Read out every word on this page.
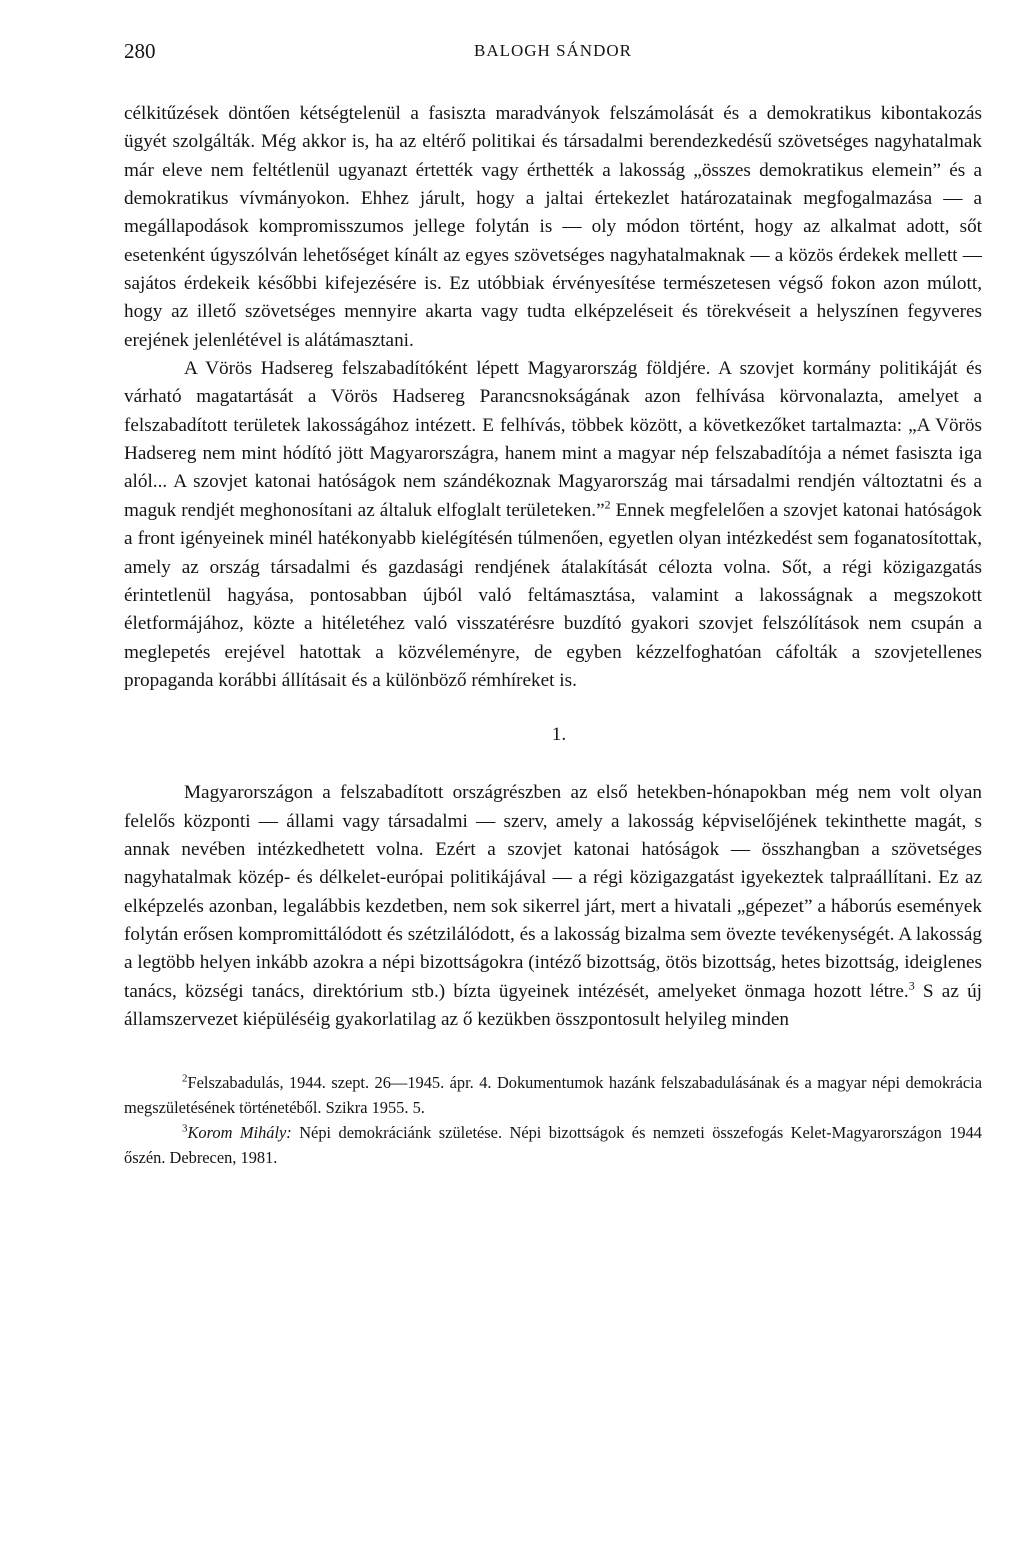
280	BALOGH SÁNDOR

célkitűzések döntően kétségtelenül a fasiszta maradványok felszámolását és a demokratikus kibontakozás ügyét szolgálták. Még akkor is, ha az eltérő politikai és társadalmi berendezkedésű szövetséges nagyhatalmak már eleve nem feltétlenül ugyanazt értették vagy érthették a lakosság „összes demokratikus elemein” és a demokratikus vívmányokon. Ehhez járult, hogy a jaltai értekezlet határozatainak megfogalmazása — a megállapodások kompromisszumos jellege folytán is — oly módon történt, hogy az alkalmat adott, sőt esetenként úgyszólván lehetőséget kínált az egyes szövetséges nagyhatalmaknak — a közös érdekek mellett — sajátos érdekeik későbbi kifejezésére is. Ez utóbbiak érvényesítése természetesen végső fokon azon múlott, hogy az illető szövetséges mennyire akarta vagy tudta elképzeléseit és törekvéseit a helyszínen fegyveres erejének jelenlétével is alátámasztani.

A Vörös Hadsereg felszabadítóként lépett Magyarország földjére. A szovjet kormány politikáját és várható magatartását a Vörös Hadsereg Parancsnokságának azon felhívása körvonalazta, amelyet a felszabadított területek lakosságához intézett. E felhívás, többek között, a következőket tartalmazta: „A Vörös Hadsereg nem mint hódító jött Magyarországra, hanem mint a magyar nép felszabadítója a német fasiszta iga alól... A szovjet katonai hatóságok nem szándékoznak Magyarország mai társadalmi rendjén változtatni és a maguk rendjét meghonosítani az általuk elfoglalt területeken.”$^2$ Ennek megfelelően a szovjet katonai hatóságok a front igényeinek minél hatékonyabb kielégítésén túlmenően, egyetlen olyan intézkedést sem foganatosítottak, amely az ország társadalmi és gazdasági rendjének átalakítását célozta volna. Sőt, a régi közigazgatás érintetlenül hagyása, pontosabban újból való feltámasztása, valamint a lakosságnak a megszokott életformájához, közte a hitéletéhez való visszatérésre buzdító gyakori szovjet felszólítások nem csupán a meglepetés erejével hatottak a közvéleményre, de egyben kézzelfoghatóan cáfolták a szovjetellenes propaganda korábbi állításait és a különböző rémhíreket is.

1.

Magyarországon a felszabadított országrészben az első hetekben-hónapokban még nem volt olyan felelős központi — állami vagy társadalmi — szerv, amely a lakosság képviselőjének tekinthette magát, s annak nevében intézkedhetett volna. Ezért a szovjet katonai hatóságok — összhangban a szövetséges nagyhatalmak közép- és délkelet-európai politikájával — a régi közigazgatást igyekeztek talpraállítani. Ez az elképzelés azonban, legalábbis kezdetben, nem sok sikerrel járt, mert a hivatali „gépezet” a háborús események folytán erősen kompromittálódott és szétzilálódott, és a lakosság bizalma sem övezte tevékenységét. A lakosság a legtöbb helyen inkább azokra a népi bizottságokra (intéző bizottság, ötös bizottság, hetes bizottság, ideiglenes tanács, községi tanács, direktórium stb.) bízta ügyeinek intézését, amelyeket önmaga hozott létre.$^3$ S az új államszervezet kiépüléséig gyakorlatilag az ő kezükben összpontosult helyileg minden

$^2$Felszabadulás, 1944. szept. 26—1945. ápr. 4. Dokumentumok hazánk felszabadulásának és a magyar népi demokrácia megszületésének történetéből. Szikra 1955. 5.

$^3$Korom Mihály: Népi demokráciánk születése. Népi bizottságok és nemzeti összefogás Kelet-Magyarországon 1944 őszén. Debrecen, 1981.
